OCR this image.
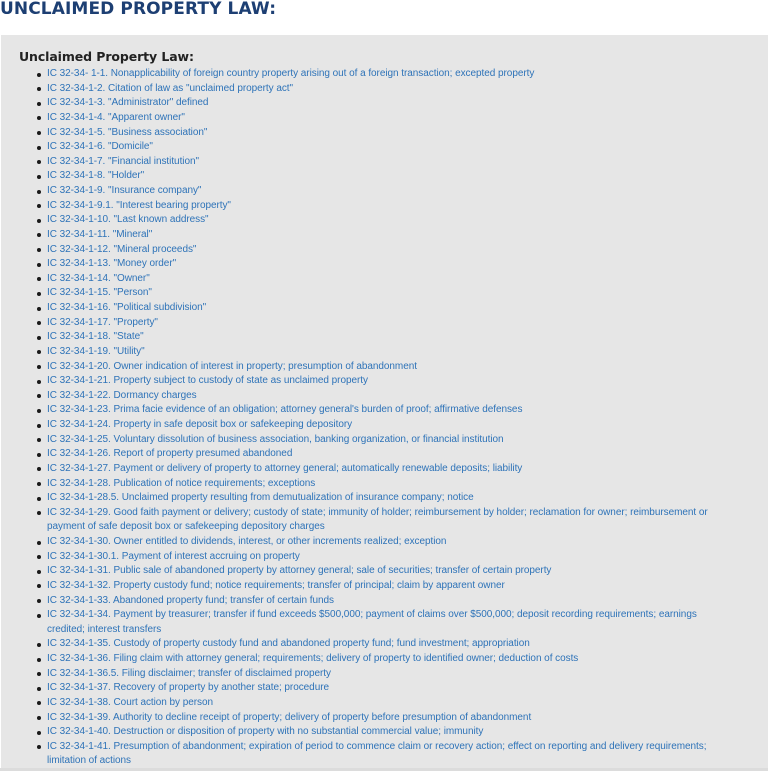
UNCLAIMED PROPERTY LAW:
Unclaimed Property Law:
IC 32-34- 1-1. Nonapplicability of foreign country property arising out of a foreign transaction; excepted property
IC 32-34-1-2. Citation of law as "unclaimed property act"
IC 32-34-1-3. "Administrator" defined
IC 32-34-1-4. "Apparent owner"
IC 32-34-1-5. "Business association"
IC 32-34-1-6. "Domicile"
IC 32-34-1-7. "Financial institution"
IC 32-34-1-8. "Holder"
IC 32-34-1-9. "Insurance company"
IC 32-34-1-9.1. "Interest bearing property"
IC 32-34-1-10. "Last known address"
IC 32-34-1-11. "Mineral"
IC 32-34-1-12. "Mineral proceeds"
IC 32-34-1-13. "Money order"
IC 32-34-1-14. "Owner"
IC 32-34-1-15. "Person"
IC 32-34-1-16. "Political subdivision"
IC 32-34-1-17. "Property"
IC 32-34-1-18. "State"
IC 32-34-1-19. "Utility"
IC 32-34-1-20. Owner indication of interest in property; presumption of abandonment
IC 32-34-1-21. Property subject to custody of state as unclaimed property
IC 32-34-1-22. Dormancy charges
IC 32-34-1-23. Prima facie evidence of an obligation; attorney general's burden of proof; affirmative defenses
IC 32-34-1-24. Property in safe deposit box or safekeeping depository
IC 32-34-1-25. Voluntary dissolution of business association, banking organization, or financial institution
IC 32-34-1-26. Report of property presumed abandoned
IC 32-34-1-27. Payment or delivery of property to attorney general; automatically renewable deposits; liability
IC 32-34-1-28. Publication of notice requirements; exceptions
IC 32-34-1-28.5. Unclaimed property resulting from demutualization of insurance company; notice
IC 32-34-1-29. Good faith payment or delivery; custody of state; immunity of holder; reimbursement by holder; reclamation for owner; reimbursement or payment of safe deposit box or safekeeping depository charges
IC 32-34-1-30. Owner entitled to dividends, interest, or other increments realized; exception
IC 32-34-1-30.1. Payment of interest accruing on property
IC 32-34-1-31. Public sale of abandoned property by attorney general; sale of securities; transfer of certain property
IC 32-34-1-32. Property custody fund; notice requirements; transfer of principal; claim by apparent owner
IC 32-34-1-33. Abandoned property fund; transfer of certain funds
IC 32-34-1-34. Payment by treasurer; transfer if fund exceeds $500,000; payment of claims over $500,000; deposit recording requirements; earnings credited; interest transfers
IC 32-34-1-35. Custody of property custody fund and abandoned property fund; fund investment; appropriation
IC 32-34-1-36. Filing claim with attorney general; requirements; delivery of property to identified owner; deduction of costs
IC 32-34-1-36.5. Filing disclaimer; transfer of disclaimed property
IC 32-34-1-37. Recovery of property by another state; procedure
IC 32-34-1-38. Court action by person
IC 32-34-1-39. Authority to decline receipt of property; delivery of property before presumption of abandonment
IC 32-34-1-40. Destruction or disposition of property with no substantial commercial value; immunity
IC 32-34-1-41. Presumption of abandonment; expiration of period to commence claim or recovery action; effect on reporting and delivery requirements; limitation of actions
